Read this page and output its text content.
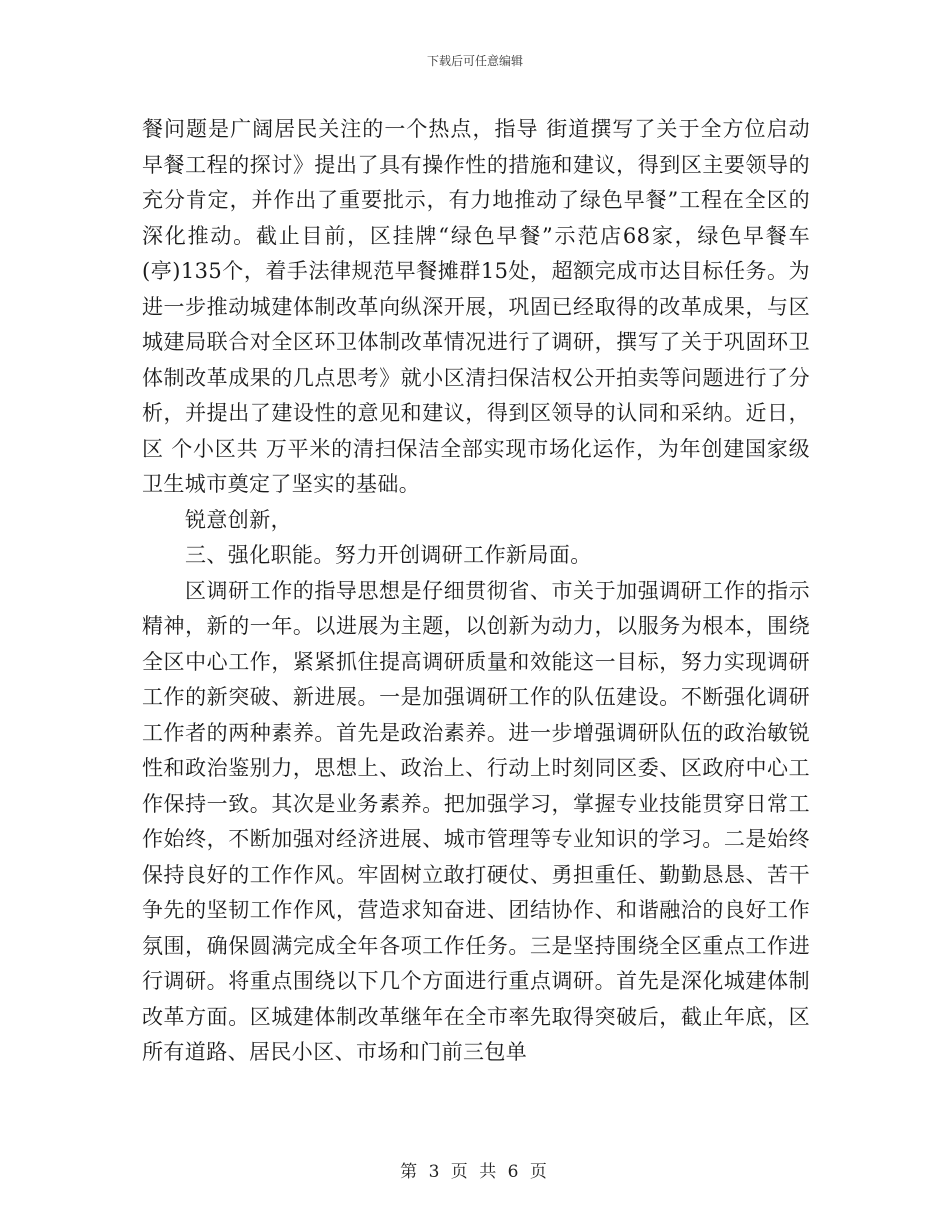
下载后可任意编辑

餐问题是广阔居民关注的一个热点，指导 街道撰写了关于全方位启动早餐工程的探讨》提出了具有操作性的措施和建议，得到区主要领导的充分肯定，并作出了重要批示，有力地推动了绿色早餐”工程在全区的深化推动。截止目前，区挂牌“绿色早餐”示范店68家，绿色早餐车(亭)135个，着手法律规范早餐摊群15处，超额完成市达目标任务。为进一步推动城建体制改革向纵深开展，巩固已经取得的改革成果，与区城建局联合对全区环卫体制改革情况进行了调研，撰写了关于巩固环卫体制改革成果的几点思考》就小区清扫保洁权公开拍卖等问题进行了分析，并提出了建设性的意见和建议，得到区领导的认同和采纳。近日，区 个小区共 万平米的清扫保洁全部实现市场化运作，为年创建国家级卫生城市奠定了坚实的基础。

锐意创新，

三、强化职能。努力开创调研工作新局面。

区调研工作的指导思想是仔细贯彻省、市关于加强调研工作的指示精神，新的一年。以进展为主题，以创新为动力，以服务为根本，围绕全区中心工作，紧紧抓住提高调研质量和效能这一目标，努力实现调研工作的新突破、新进展。一是加强调研工作的队伍建设。不断强化调研工作者的两种素养。首先是政治素养。进一步增强调研队伍的政治敏锐性和政治鉴别力，思想上、政治上、行动上时刻同区委、区政府中心工作保持一致。其次是业务素养。把加强学习，掌握专业技能贯穿日常工作始终，不断加强对经济进展、城市管理等专业知识的学习。二是始终保持良好的工作作风。牢固树立敢打硬仗、勇担重任、勤勤恳恳、苦干争先的坚韧工作作风，营造求知奋进、团结协作、和谐融洽的良好工作氛围，确保圆满完成全年各项工作任务。三是坚持围绕全区重点工作进行调研。将重点围绕以下几个方面进行重点调研。首先是深化城建体制改革方面。区城建体制改革继年在全市率先取得突破后，截止年底，区所有道路、居民小区、市场和门前三包单

第 3 页 共 6 页
